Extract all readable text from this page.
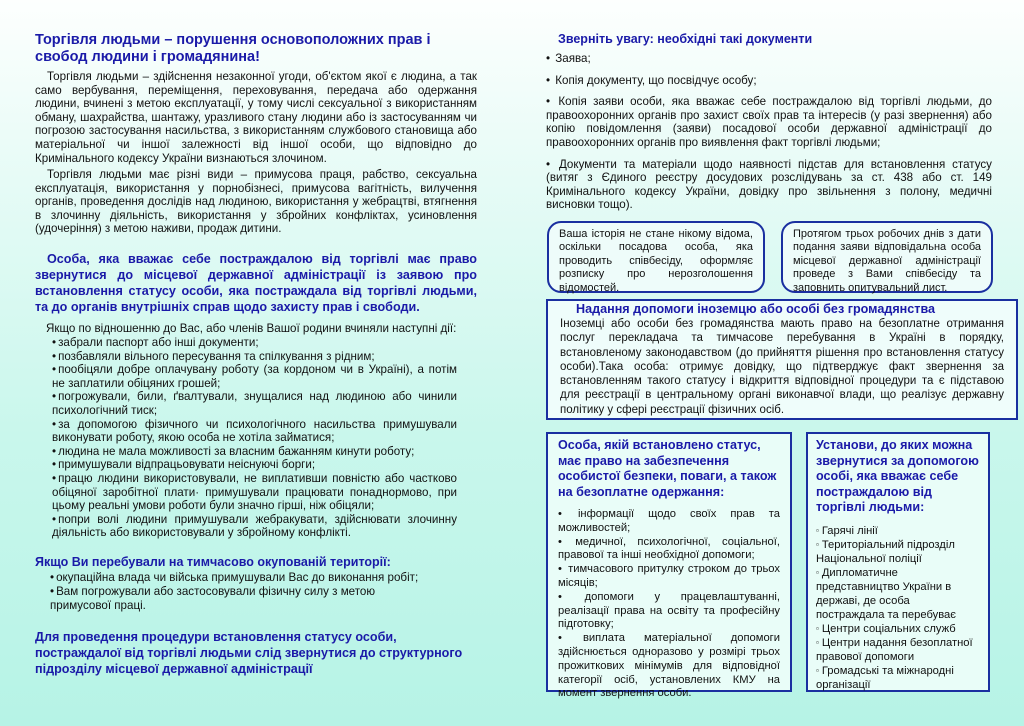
Торгівля людьми – порушення основоположних прав і свобод людини і громадянина!
Торгівля людьми – здійснення незаконної угоди, об'єктом якої є людина, а так само вербування, переміщення, переховування, передача або одержання людини, вчинені з метою експлуатації, у тому числі сексуальної з використанням обману, шахрайства, шантажу, уразливого стану людини або із застосуванням чи погрозою застосування насильства, з використанням службового становища або матеріальної чи іншої залежності від іншої особи, що відповідно до Кримінального кодексу України визнаються злочином.
Торгівля людьми має різні види – примусова праця, рабство, сексуальна експлуатація, використання у порнобізнесі, примусова вагітність, вилучення органів, проведення дослідів над людиною, використання у жебрацтві, втягнення в злочинну діяльність, використання у збройних конфліктах, усиновлення (удочеріння) з метою наживи, продаж дитини.
Особа, яка вважає себе постраждалою від торгівлі має право звернутися до місцевої державної адміністрації із заявою про встановлення статусу особи, яка постраждала від торгівлі людьми, та до органів внутрішніх справ щодо захисту прав і свободи.
Якщо по відношенню до Вас, або членів Вашої родини вчиняли наступні дії:
• забрали паспорт або інші документи;
• позбавляли вільного пересування та спілкування з рідним;
• пообіцяли добре оплачувану роботу (за кордоном чи в Україні), а потім не заплатили обіцяних грошей;
• погрожували, били, ґвалтували, знущалися над людиною або чинили психологічний тиск;
• за допомогою фізичного чи психологічного насильства примушували виконувати роботу, якою особа не хотіла займатися;
• людина не мала можливості за власним бажанням кинути роботу;
• примушували відпрацьовувати неіснуючі борги;
• працю людини використовували, не виплативши повністю або частково обіцяної заробітної плати· примушували працювати понаднормово, при цьому реальні умови роботи були значно гірші, ніж обіцяли;
• попри волі людини примушували жебракувати, здійснювати злочинну діяльність або використовували у збройному конфлікті.
Якщо Ви перебували на тимчасово окупованій території:
• окупаційна влада чи війська примушували Вас до виконання робіт;
• Вам погрожували або застосовували фізичну силу з метою примусової праці.
Для проведення процедури встановлення статусу особи, постраждалої від торгівлі людьми слід звернутися до структурного підрозділу місцевої державної адміністрації
Зверніть увагу: необхідні такі документи
• Заява;
• Копія документу, що посвідчує особу;
• Копія заяви особи, яка вважає себе постраждалою від торгівлі людьми, до правоохоронних органів про захист своїх прав та інтересів (у разі звернення) або копію повідомлення (заяви) посадової особи державної адміністрації до правоохоронних органів про виявлення факт торгівлі людьми;
• Документи та матеріали щодо наявності підстав для встановлення статусу (витяг з Єдиного реєстру досудових розслідувань за ст. 438 або ст. 149 Кримінального кодексу України, довідку про звільнення з полону, медичні висновки тощо).
Ваша історія не стане нікому відома, оскільки посадова особа, яка проводить співбесіду, оформляє розписку про нерозголошення відомостей.
Протягом трьох робочих днів з дати подання заяви відповідальна особа місцевої державної адміністрації проведе з Вами співбесіду та заповнить опитувальний лист.
Надання допомоги іноземцю або особі без громадянства
Іноземці або особи без громадянства мають право на безоплатне отримання послуг перекладача та тимчасове перебування в Україні в порядку, встановленому законодавством (до прийняття рішення про встановлення статусу особи).Така особа: отримує довідку, що підтверджує факт звернення за встановленням такого статусу і відкриття відповідної процедури та є підставою для реєстрації в центральному органі виконавчої влади, що реалізує державну політику у сфері реєстрації фізичних осіб.
Особа, якій встановлено статус, має право на забезпечення особистої безпеки, поваги, а також на безоплатне одержання:
• інформації щодо своїх прав та можливостей;
• медичної, психологічної, соціальної, правової та інші необхідної допомоги;
• тимчасового притулку строком до трьох місяців;
• допомоги у працевлаштуванні, реалізації права на освіту та професійну підготовку;
• виплата матеріальної допомоги здійснюється одноразово у розмірі трьох прожиткових мінімумів для відповідної категорії осіб, установлених КМУ на момент звернення особи.
Установи, до яких можна звернутися за допомогою особі, яка вважає себе постраждалою від торгівлі людьми:
▫ Гарячі лінії
▫ Територіальний підрозділ Національної поліції
▫ Дипломатичне представництво України в державі, де особа постраждала та перебуває
▫ Центри соціальних служб
▫ Центри надання безоплатної правової допомоги
▫ Громадські та міжнародні організації
